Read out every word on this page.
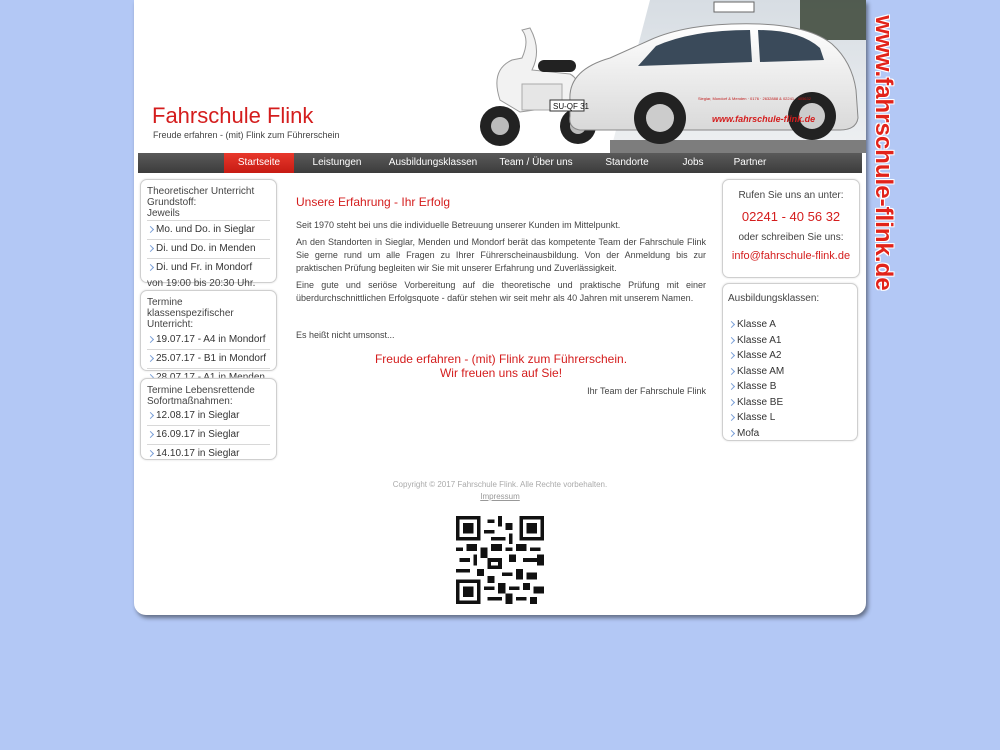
www.fahrschule-flink.de
Fahrschule Flink
Freude erfahren - (mit) Flink zum Führerschein
SU-QF 31
Sieglar, Mondorf & Menden · 0176 · 2632888 & 02241 · 405632
www.fahrschule-flink.de
Startseite	Leistungen	Ausbildungsklassen	Team / Über uns	Standorte	Jobs	Partner
Theoretischer Unterricht Grundstoff:
Jeweils
Mo. und Do. in Sieglar
Di. und Do. in Menden
Di. und Fr. in Mondorf
von 19:00 bis 20:30 Uhr.
Termine klassenspezifischer Unterricht:
19.07.17 - A4 in Mondorf
25.07.17 - B1 in Mondorf
Termine Lebensrettende Sofortmaßnahmen:
12.08.17 in Sieglar
16.09.17 in Sieglar
14.10.17 in Sieglar
Unsere Erfahrung - Ihr Erfolg

Seit 1970 steht bei uns die individuelle Betreuung unserer Kunden im Mittelpunkt.

An den Standorten in Sieglar, Menden und Mondorf berät das kompetente Team der Fahrschule Flink Sie gerne rund um alle Fragen zu Ihrer Führerscheinausbildung. Von der Anmeldung bis zur praktischen Prüfung begleiten wir Sie mit unserer Erfahrung und Zuverlässigkeit.

Eine gute und seriöse Vorbereitung auf die theoretische und praktische Prüfung mit einer überdurchschnittlichen Erfolgsquote - dafür stehen wir seit mehr als 40 Jahren mit unserem Namen.

Es heißt nicht umsonst...

Freude erfahren - (mit) Flink zum Führerschein.
Wir freuen uns auf Sie!
Ihr Team der Fahrschule Flink
Rufen Sie uns an unter:
02241 - 40 56 32
oder schreiben Sie uns:
info@fahrschule-flink.de
Ausbildungsklassen:
Klasse A
Klasse A1
Klasse A2
Klasse AM
Klasse B
Klasse BE
Klasse L
Mofa
Copyright © 2017 Fahrschule Flink. Alle Rechte vorbehalten.
Impressum
